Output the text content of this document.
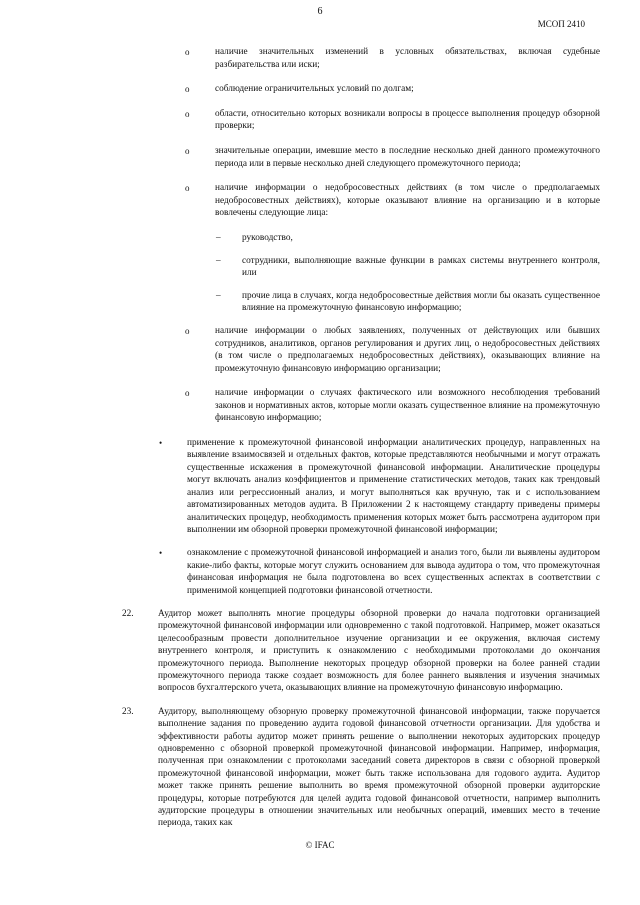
6
МСОП 2410
o	наличие значительных изменений в условных обязательствах, включая судебные разбирательства или иски;
o	соблюдение ограничительных условий по долгам;
o	области, относительно которых возникали вопросы в процессе выполнения процедур обзорной проверки;
o	значительные операции, имевшие место в последние несколько дней данного промежуточного периода или в первые несколько дней следующего промежуточного периода;
o	наличие информации о недобросовестных действиях (в том числе о предполагаемых недобросовестных действиях), которые оказывают влияние на организацию и в которые вовлечены следующие лица:
– руководство,
– сотрудники, выполняющие важные функции в рамках системы внутреннего контроля, или
– прочие лица в случаях, когда недобросовестные действия могли бы оказать существенное влияние на промежуточную финансовую информацию;
o	наличие информации о любых заявлениях, полученных от действующих или бывших сотрудников, аналитиков, органов регулирования и других лиц, о недобросовестных действиях (в том числе о предполагаемых недобросовестных действиях), оказывающих влияние на промежуточную финансовую информацию организации;
o	наличие информации о случаях фактического или возможного несоблюдения требований законов и нормативных актов, которые могли оказать существенное влияние на промежуточную финансовую информацию;
•	применение к промежуточной финансовой информации аналитических процедур, направленных на выявление взаимосвязей и отдельных фактов, которые представляются необычными и могут отражать существенные искажения в промежуточной финансовой информации. Аналитические процедуры могут включать анализ коэффициентов и применение статистических методов, таких как трендовый анализ или регрессионный анализ, и могут выполняться как вручную, так и с использованием автоматизированных методов аудита. В Приложении 2 к настоящему стандарту приведены примеры аналитических процедур, необходимость применения которых может быть рассмотрена аудитором при выполнении им обзорной проверки промежуточной финансовой информации;
•	ознакомление с промежуточной финансовой информацией и анализ того, были ли выявлены аудитором какие-либо факты, которые могут служить основанием для вывода аудитора о том, что промежуточная финансовая информация не была подготовлена во всех существенных аспектах в соответствии с применимой концепцией подготовки финансовой отчетности.
22.	Аудитор может выполнять многие процедуры обзорной проверки до начала подготовки организацией промежуточной финансовой информации или одновременно с такой подготовкой. Например, может оказаться целесообразным провести дополнительное изучение организации и ее окружения, включая систему внутреннего контроля, и приступить к ознакомлению с необходимыми протоколами до окончания промежуточного периода. Выполнение некоторых процедур обзорной проверки на более ранней стадии промежуточного периода также создает возможность для более раннего выявления и изучения значимых вопросов бухгалтерского учета, оказывающих влияние на промежуточную финансовую информацию.
23.	Аудитору, выполняющему обзорную проверку промежуточной финансовой информации, также поручается выполнение задания по проведению аудита годовой финансовой отчетности организации. Для удобства и эффективности работы аудитор может принять решение о выполнении некоторых аудиторских процедур одновременно с обзорной проверкой промежуточной финансовой информации. Например, информация, полученная при ознакомлении с протоколами заседаний совета директоров в связи с обзорной проверкой промежуточной финансовой информации, может быть также использована для годового аудита. Аудитор может также принять решение выполнить во время промежуточной обзорной проверки аудиторские процедуры, которые потребуются для целей аудита годовой финансовой отчетности, например выполнить аудиторские процедуры в отношении значительных или необычных операций, имевших место в течение периода, таких как
© IFAC
